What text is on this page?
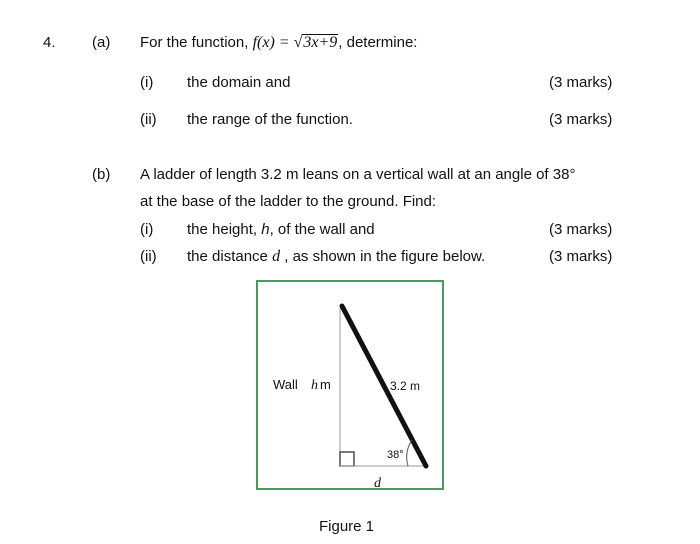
4. (a) For the function, f(x) = √3x+9, determine:
(i) the domain and	(3 marks)
(ii) the range of the function.	(3 marks)
(b) A ladder of length 3.2 m leans on a vertical wall at an angle of 38°
at the base of the ladder to the ground. Find:
(i) the height, h, of the wall and	(3 marks)
(ii) the distance d , as shown in the figure below.	(3 marks)
Wall h m	3.2 m
38°
d
Figure 1
